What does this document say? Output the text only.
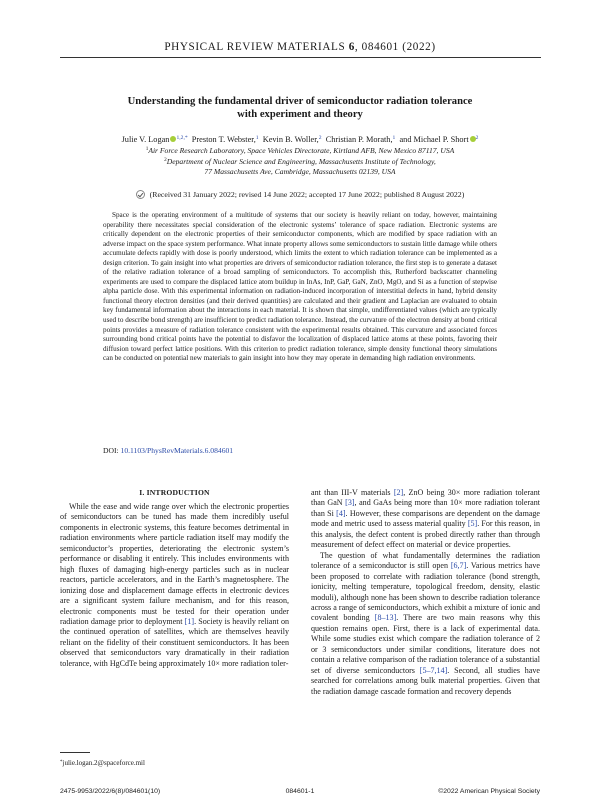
PHYSICAL REVIEW MATERIALS 6, 084601 (2022)
Understanding the fundamental driver of semiconductor radiation tolerance
with experiment and theory
Julie V. Logan $^{1,2,*}$ Preston T. Webster,$^1$ Kevin B. Woller,$^2$ Christian P. Morath,$^1$ and Michael P. Short $^2$
$^1$Air Force Research Laboratory, Space Vehicles Directorate, Kirtland AFB, New Mexico 87117, USA
$^2$Department of Nuclear Science and Engineering, Massachusetts Institute of Technology,
77 Massachusetts Ave, Cambridge, Massachusetts 02139, USA
(Received 31 January 2022; revised 14 June 2022; accepted 17 June 2022; published 8 August 2022)
Space is the operating environment of a multitude of systems that our society is heavily reliant on today, however, maintaining operability there necessitates special consideration of the electronic systems’ tolerance of space radiation. Electronic systems are critically dependent on the electronic properties of their semiconductor components, which are modified by space radiation with an adverse impact on the space system performance. What innate property allows some semiconductors to sustain little damage while others accumulate defects rapidly with dose is poorly understood, which limits the extent to which radiation tolerance can be implemented as a design criterion. To gain insight into what properties are drivers of semiconductor radiation tolerance, the first step is to generate a dataset of the relative radiation tolerance of a broad sampling of semiconductors. To accomplish this, Rutherford backscatter channeling experiments are used to compare the displaced lattice atom buildup in InAs, InP, GaP, GaN, ZnO, MgO, and Si as a function of stepwise alpha particle dose. With this experimental information on radiation-induced incorporation of interstitial defects in hand, hybrid density functional theory electron densities (and their derived quantities) are calculated and their gradient and Laplacian are evaluated to obtain key fundamental information about the interactions in each material. It is shown that simple, undifferentiated values (which are typically used to describe bond strength) are insufficient to predict radiation tolerance. Instead, the curvature of the electron density at bond critical points provides a measure of radiation tolerance consistent with the experimental results obtained. This curvature and associated forces surrounding bond critical points have the potential to disfavor the localization of displaced lattice atoms at these points, favoring their diffusion toward perfect lattice positions. With this criterion to predict radiation tolerance, simple density functional theory simulations can be conducted on potential new materials to gain insight into how they may operate in demanding high radiation environments.
DOI: 10.1103/PhysRevMaterials.6.084601
I. INTRODUCTION
While the ease and wide range over which the electronic properties of semiconductors can be tuned has made them incredibly useful components in electronic systems, this feature becomes detrimental in radiation environments where particle radiation itself may modify the semiconductor’s properties, deteriorating the electronic system’s performance or disabling it entirely. This includes environments with high fluxes of damaging high-energy particles such as in nuclear reactors, particle accelerators, and in the Earth’s magnetosphere. The ionizing dose and displacement damage effects in electronic devices are a significant system failure mechanism, and for this reason, electronic components must be tested for their operation under radiation damage prior to deployment [1]. Society is heavily reliant on the continued operation of satellites, which are themselves heavily reliant on the fidelity of their constituent semiconductors. It has been observed that semiconductors vary dramatically in their radiation tolerance, with HgCdTe being approximately 10× more radiation toler-

ant than III-V materials [2], ZnO being 30× more radiation tolerant than GaN [3], and GaAs being more than 10× more radiation tolerant than Si [4]. However, these comparisons are dependent on the damage mode and metric used to assess material quality [5]. For this reason, in this analysis, the defect content is probed directly rather than through measurement of defect effect on material or device properties.

The question of what fundamentally determines the radiation tolerance of a semiconductor is still open [6,7]. Various metrics have been proposed to correlate with radiation tolerance (bond strength, ionicity, melting temperature, topological freedom, density, elastic moduli), although none has been shown to describe radiation tolerance across a range of semiconductors, which exhibit a mixture of ionic and covalent bonding [8–13]. There are two main reasons why this question remains open. First, there is a lack of experimental data. While some studies exist which compare the radiation tolerance of 2 or 3 semiconductors under similar conditions, literature does not contain a relative comparison of the radiation tolerance of a substantial set of diverse semiconductors [5–7,14]. Second, all studies have searched for correlations among bulk material properties. Given that the radiation damage cascade formation and recovery depends

*julie.logan.2@spaceforce.mil
2475-9953/2022/6(8)/084601(10)	084601-1	©2022 American Physical Society
